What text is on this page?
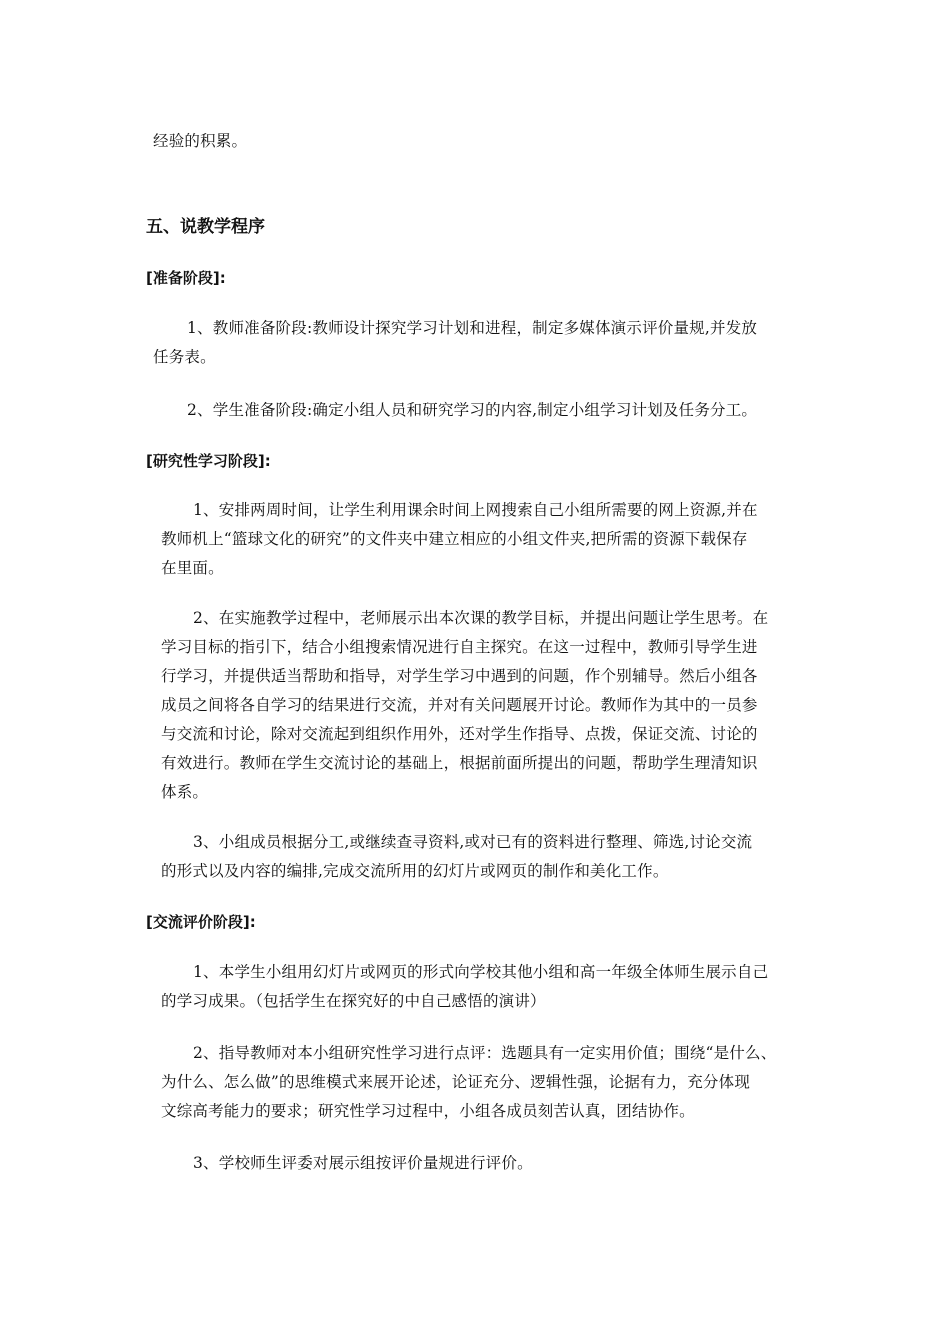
经验的积累。
五、说教学程序
[准备阶段]:
1、教师准备阶段:教师设计探究学习计划和进程，制定多媒体演示评价量规,并发放
任务表。
2、学生准备阶段:确定小组人员和研究学习的内容,制定小组学习计划及任务分工。
[研究性学习阶段]:
1、安排两周时间，让学生利用课余时间上网搜索自己小组所需要的网上资源,并在
教师机上“篮球文化的研究”的文件夹中建立相应的小组文件夹,把所需的资源下载保存
在里面。
2、在实施教学过程中，老师展示出本次课的教学目标，并提出问题让学生思考。在
学习目标的指引下，结合小组搜索情况进行自主探究。在这一过程中，教师引导学生进
行学习，并提供适当帮助和指导，对学生学习中遇到的问题，作个别辅导。然后小组各
成员之间将各自学习的结果进行交流，并对有关问题展开讨论。教师作为其中的一员参
与交流和讨论，除对交流起到组织作用外，还对学生作指导、点拨，保证交流、讨论的
有效进行。教师在学生交流讨论的基础上，根据前面所提出的问题，帮助学生理清知识
体系。
3、小组成员根据分工,或继续查寻资料,或对已有的资料进行整理、筛选,讨论交流
的形式以及内容的编排,完成交流所用的幻灯片或网页的制作和美化工作。
[交流评价阶段]:
1、本学生小组用幻灯片或网页的形式向学校其他小组和高一年级全体师生展示自己
的学习成果。（包括学生在探究好的中自己感悟的演讲）
2、指导教师对本小组研究性学习进行点评：选题具有一定实用价值；围绕“是什么、
为什么、怎么做”的思维模式来展开论述，论证充分、逻辑性强，论据有力，充分体现
文综高考能力的要求；研究性学习过程中，小组各成员刻苦认真，团结协作。
3、学校师生评委对展示组按评价量规进行评价。
